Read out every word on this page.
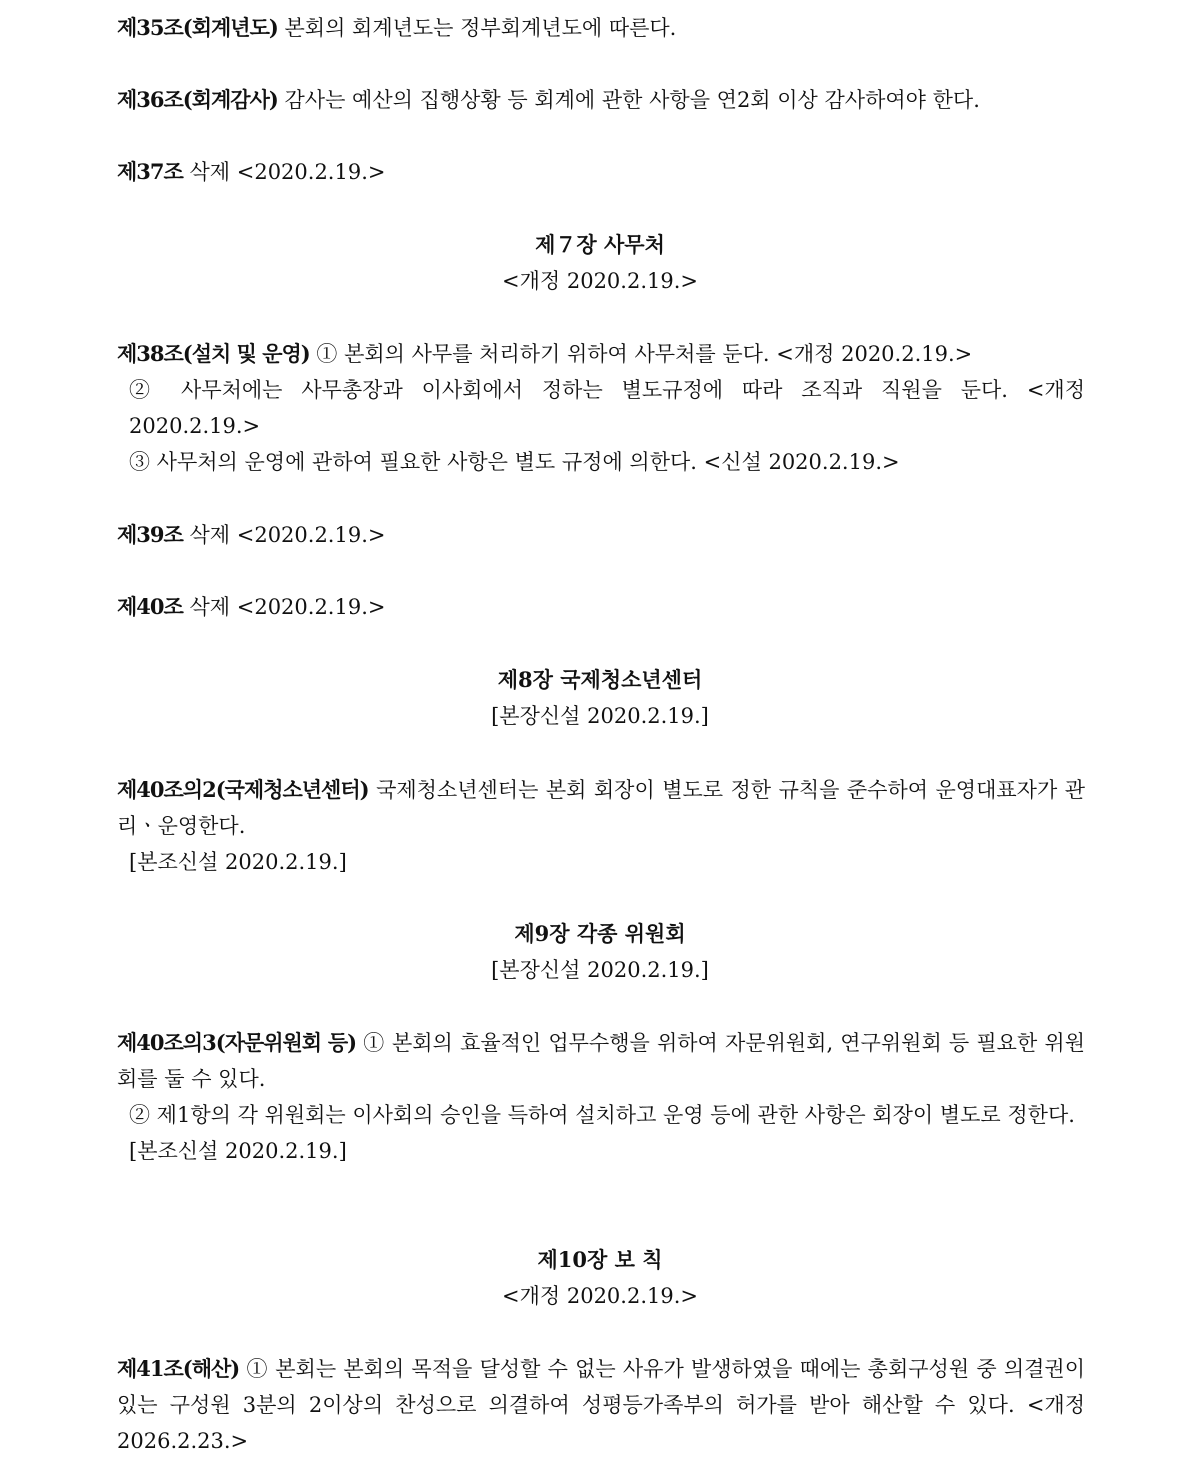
제35조(회계년도) 본회의 회계년도는 정부회계년도에 따른다.
제36조(회계감사) 감사는 예산의 집행상황 등 회계에 관한 사항을 연2회 이상 감사하여야 한다.
제37조 삭제 <2020.2.19.>
제７장 사무처
<개정 2020.2.19.>
제38조(설치 및 운영) ① 본회의 사무를 처리하기 위하여 사무처를 둔다. <개정 2020.2.19.>
② 사무처에는 사무총장과 이사회에서 정하는 별도규정에 따라 조직과 직원을 둔다. <개정 2020.2.19.>
③ 사무처의 운영에 관하여 필요한 사항은 별도 규정에 의한다. <신설 2020.2.19.>
제39조 삭제 <2020.2.19.>
제40조 삭제 <2020.2.19.>
제8장 국제청소년센터
[본장신설 2020.2.19.]
제40조의2(국제청소년센터) 국제청소년센터는 본회 회장이 별도로 정한 규칙을 준수하여 운영대표자가 관리ㆍ운영한다.
[본조신설 2020.2.19.]
제9장 각종 위원회
[본장신설 2020.2.19.]
제40조의3(자문위원회 등) ① 본회의 효율적인 업무수행을 위하여 자문위원회, 연구위원회 등 필요한 위원회를 둘 수 있다.
② 제1항의 각 위원회는 이사회의 승인을 득하여 설치하고 운영 등에 관한 사항은 회장이 별도로 정한다.
[본조신설 2020.2.19.]
제10장 보 칙
<개정 2020.2.19.>
제41조(해산) ① 본회는 본회의 목적을 달성할 수 없는 사유가 발생하였을 때에는 총회구성원 중 의결권이 있는 구성원 3분의 2이상의 찬성으로 의결하여 성평등가족부의 허가를 받아 해산할 수 있다. <개정 2026.2.23.>
